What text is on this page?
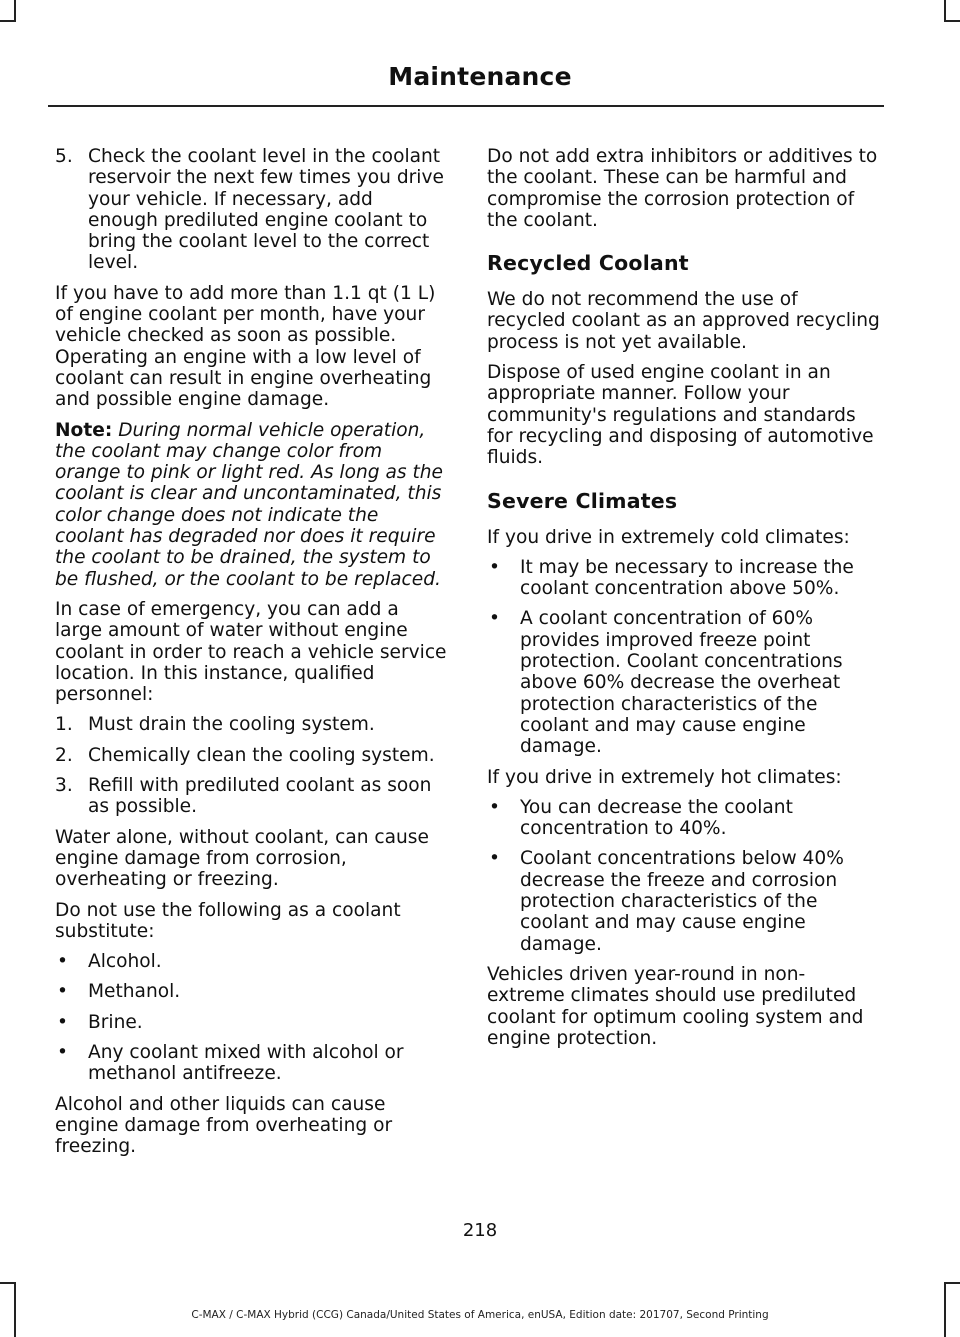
Maintenance
5. Check the coolant level in the coolant reservoir the next few times you drive your vehicle. If necessary, add enough prediluted engine coolant to bring the coolant level to the correct level.

If you have to add more than 1.1 qt (1 L) of engine coolant per month, have your vehicle checked as soon as possible. Operating an engine with a low level of coolant can result in engine overheating and possible engine damage.

Note: During normal vehicle operation, the coolant may change color from orange to pink or light red. As long as the coolant is clear and uncontaminated, this color change does not indicate the coolant has degraded nor does it require the coolant to be drained, the system to be flushed, or the coolant to be replaced.

In case of emergency, you can add a large amount of water without engine coolant in order to reach a vehicle service location. In this instance, qualified personnel:

1. Must drain the cooling system.
2. Chemically clean the cooling system.
3. Refill with prediluted coolant as soon as possible.

Water alone, without coolant, can cause engine damage from corrosion, overheating or freezing.

Do not use the following as a coolant substitute:

• Alcohol.
• Methanol.
• Brine.
• Any coolant mixed with alcohol or methanol antifreeze.

Alcohol and other liquids can cause engine damage from overheating or freezing.

Do not add extra inhibitors or additives to the coolant. These can be harmful and compromise the corrosion protection of the coolant.

Recycled Coolant

We do not recommend the use of recycled coolant as an approved recycling process is not yet available.

Dispose of used engine coolant in an appropriate manner. Follow your community's regulations and standards for recycling and disposing of automotive fluids.

Severe Climates

If you drive in extremely cold climates:

• It may be necessary to increase the coolant concentration above 50%.
• A coolant concentration of 60% provides improved freeze point protection. Coolant concentrations above 60% decrease the overheat protection characteristics of the coolant and may cause engine damage.

If you drive in extremely hot climates:

• You can decrease the coolant concentration to 40%.
• Coolant concentrations below 40% decrease the freeze and corrosion protection characteristics of the coolant and may cause engine damage.

Vehicles driven year-round in non-extreme climates should use prediluted coolant for optimum cooling system and engine protection.

218
C-MAX / C-MAX Hybrid (CCG) Canada/United States of America, enUSA, Edition date: 201707, Second Printing
